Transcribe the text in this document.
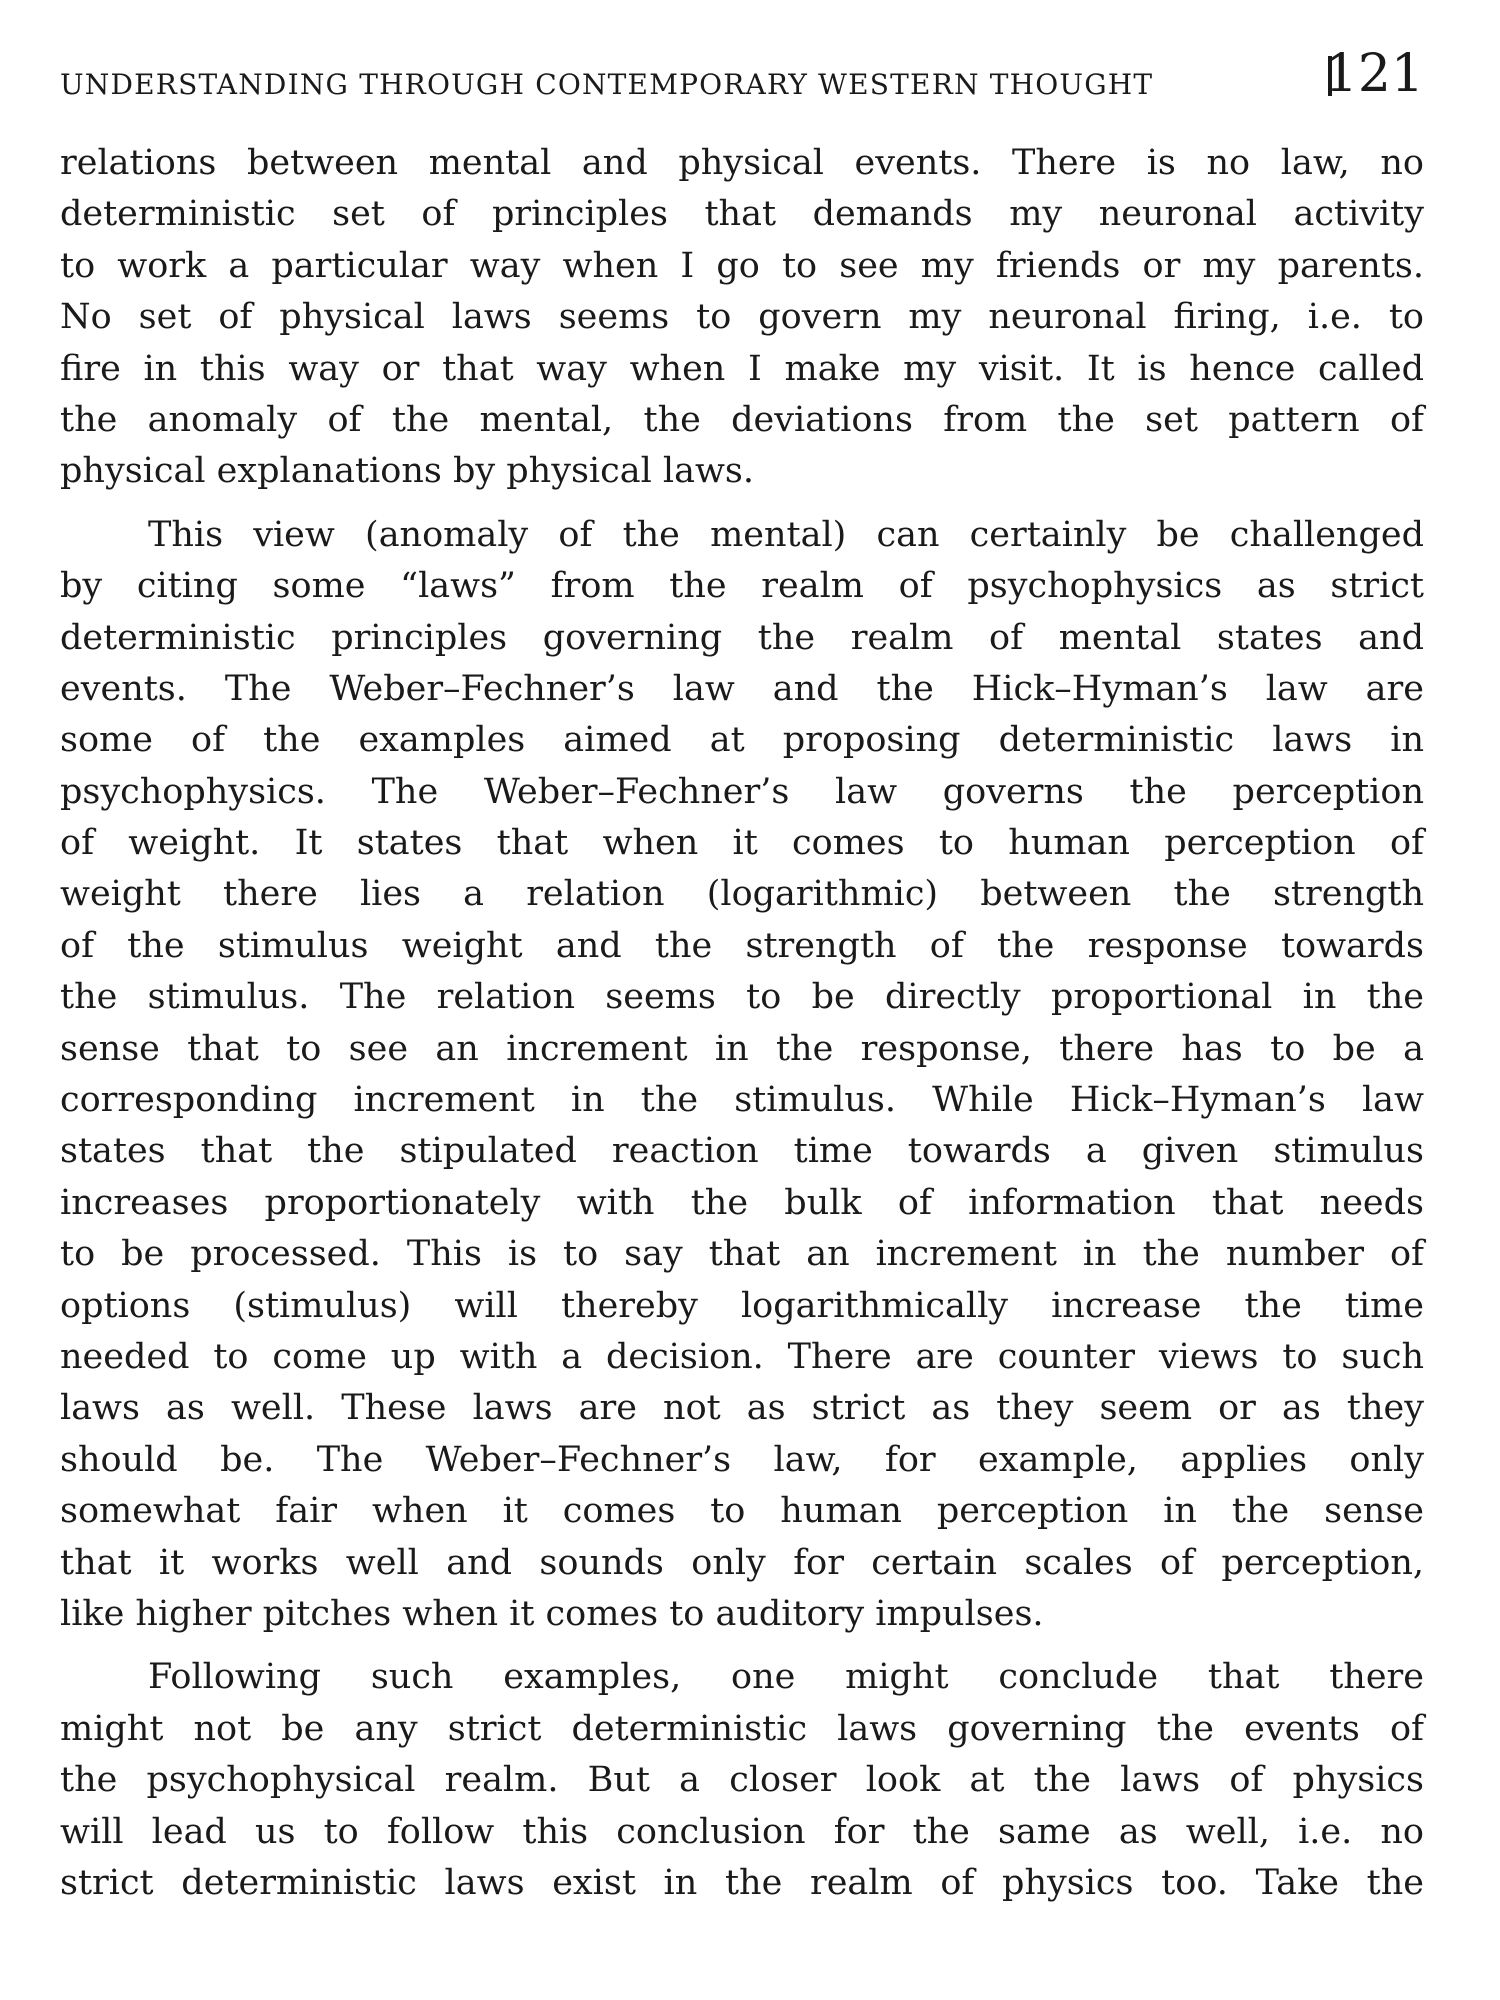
UNDERSTANDING THROUGH CONTEMPORARY WESTERN THOUGHT	121
relations between mental and physical events. There is no law, no
deterministic set of principles that demands my neuronal activity
to work a particular way when I go to see my friends or my parents.
No set of physical laws seems to govern my neuronal firing, i.e. to
fire in this way or that way when I make my visit. It is hence called
the anomaly of the mental, the deviations from the set pattern of
physical explanations by physical laws.
This view (anomaly of the mental) can certainly be challenged
by citing some “laws” from the realm of psychophysics as strict
deterministic principles governing the realm of mental states and
events. The Weber–Fechner’s law and the Hick–Hyman’s law are
some of the examples aimed at proposing deterministic laws in
psychophysics. The Weber–Fechner’s law governs the perception
of weight. It states that when it comes to human perception of
weight there lies a relation (logarithmic) between the strength
of the stimulus weight and the strength of the response towards
the stimulus. The relation seems to be directly proportional in the
sense that to see an increment in the response, there has to be a
corresponding increment in the stimulus. While Hick–Hyman’s law
states that the stipulated reaction time towards a given stimulus
increases proportionately with the bulk of information that needs
to be processed. This is to say that an increment in the number of
options (stimulus) will thereby logarithmically increase the time
needed to come up with a decision. There are counter views to such
laws as well. These laws are not as strict as they seem or as they
should be. The Weber–Fechner’s law, for example, applies only
somewhat fair when it comes to human perception in the sense
that it works well and sounds only for certain scales of perception,
like higher pitches when it comes to auditory impulses.
Following such examples, one might conclude that there
might not be any strict deterministic laws governing the events of
the psychophysical realm. But a closer look at the laws of physics
will lead us to follow this conclusion for the same as well, i.e. no
strict deterministic laws exist in the realm of physics too. Take the
